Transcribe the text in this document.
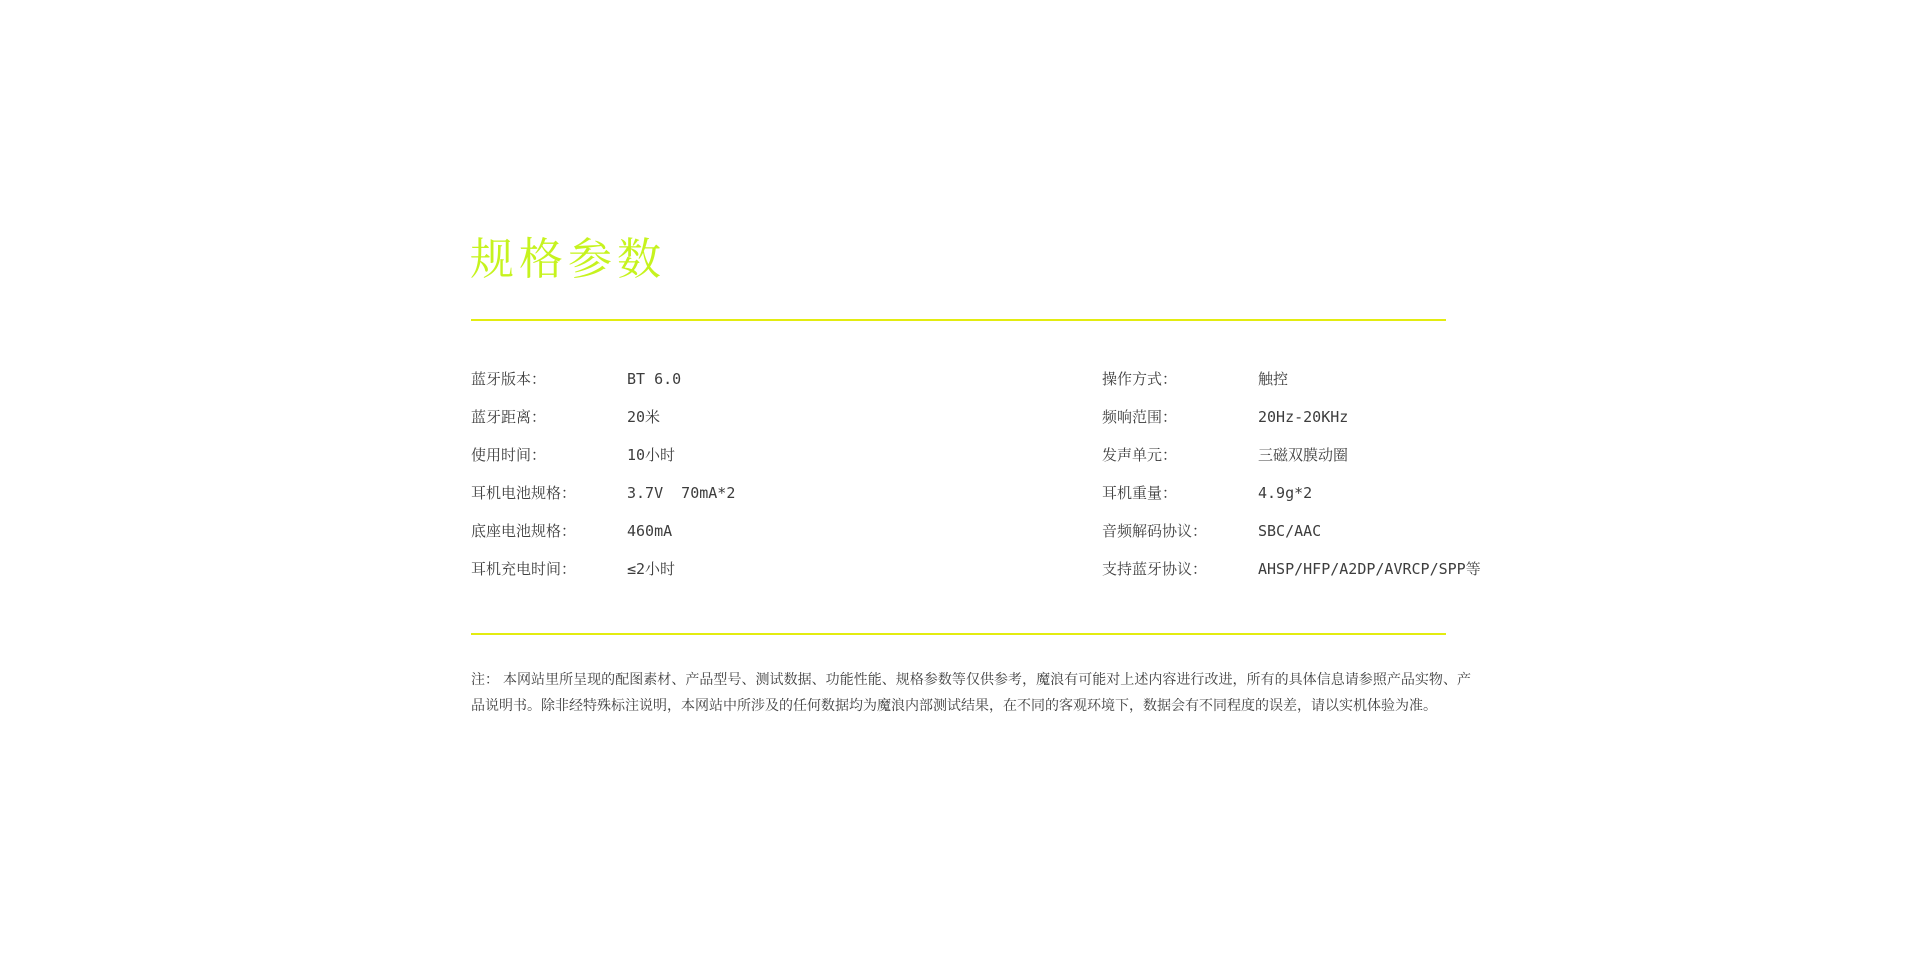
规格参数
蓝牙版本：	BT 6.0
蓝牙距离：	20米
使用时间：	10小时
耳机电池规格：	3.7V  70mA*2
底座电池规格：	460mA
耳机充电时间：	≤2小时
操作方式：	触控
频响范围：	20Hz-20KHz
发声单元：	三磁双膜动圈
耳机重量：	4.9g*2
音频解码协议：	SBC/AAC
支持蓝牙协议：	AHSP/HFP/A2DP/AVRCP/SPP等

注： 本网站里所呈现的配图素材、产品型号、测试数据、功能性能、规格参数等仅供参考，魔浪有可能对上述内容进行改进，所有的具体信息请参照产品实物、产品说明书。除非经特殊标注说明，本网站中所涉及的任何数据均为魔浪内部测试结果，在不同的客观环境下，数据会有不同程度的误差，请以实机体验为准。
